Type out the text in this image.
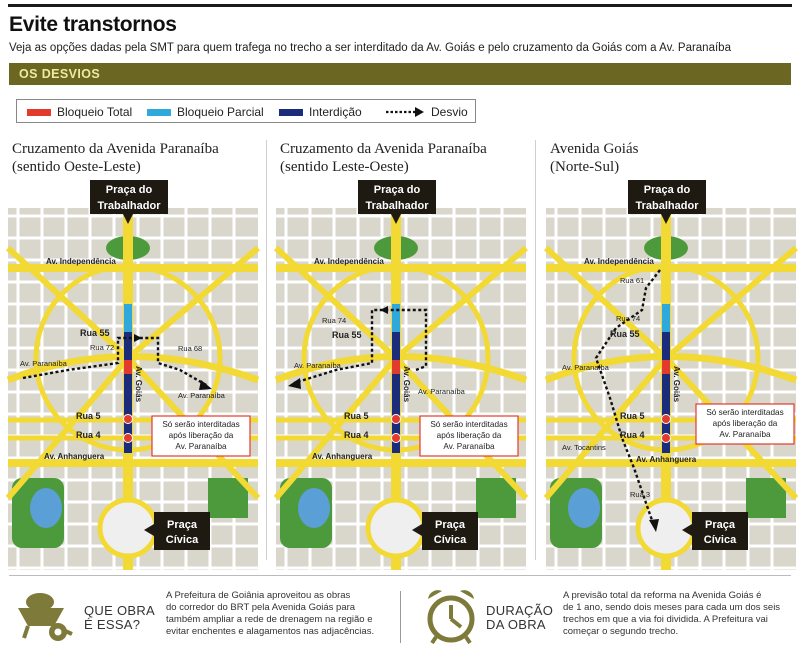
Evite transtornos
Veja as opções dadas pela SMT para quem trafega no trecho a ser interditado da Av. Goiás e pelo cruzamento da Goiás com a Av. Paranaíba
OS DESVIOS
Bloqueio Total	Bloqueio Parcial	Interdição	Desvio
Cruzamento da Avenida Paranaíba
(sentido Oeste-Leste)
Av. Independência
Rua 55
Rua 72	Rua 68
Av. Paranaíba
Av. Paranaíba
Av. Goiás
Rua 5
Rua 4
Av. Anhanguera
Só serão interditadas
após liberação da
Av. Paranaíba
Praça do
Trabalhador
Praça
Cívica
Cruzamento da Avenida Paranaíba
(sentido Leste-Oeste)
Av. Independência
Rua 74
Rua 55
Av. Paranaíba
Av. Paranaíba
Av. Goiás
Rua 5
Rua 4
Av. Anhanguera
Só serão interditadas
após liberação da
Av. Paranaíba
Praça do
Trabalhador
Praça
Cívica
Avenida Goiás
(Norte-Sul)
Av. Independência
Rua 61
Rua 74
Rua 55
Av. Paranaíba	Av. Goiás
Rua 5
Rua 4
Av. Tocantins
Av. Anhanguera
Rua 3
Só serão interditadas
após liberação da
Av. Paranaíba
Praça do
Trabalhador
Praça
Cívica
QUE OBRA
É ESSA?
A Prefeitura de Goiânia aproveitou as obras
do corredor do BRT pela Avenida Goiás para
também ampliar a rede de drenagem na região e
evitar enchentes e alagamentos nas adjacências.
DURAÇÃO
DA OBRA
A previsão total da reforma na Avenida Goiás é
de 1 ano, sendo dois meses para cada um dos seis
trechos em que a via foi dividida. A Prefeitura vai
começar o segundo trecho.
